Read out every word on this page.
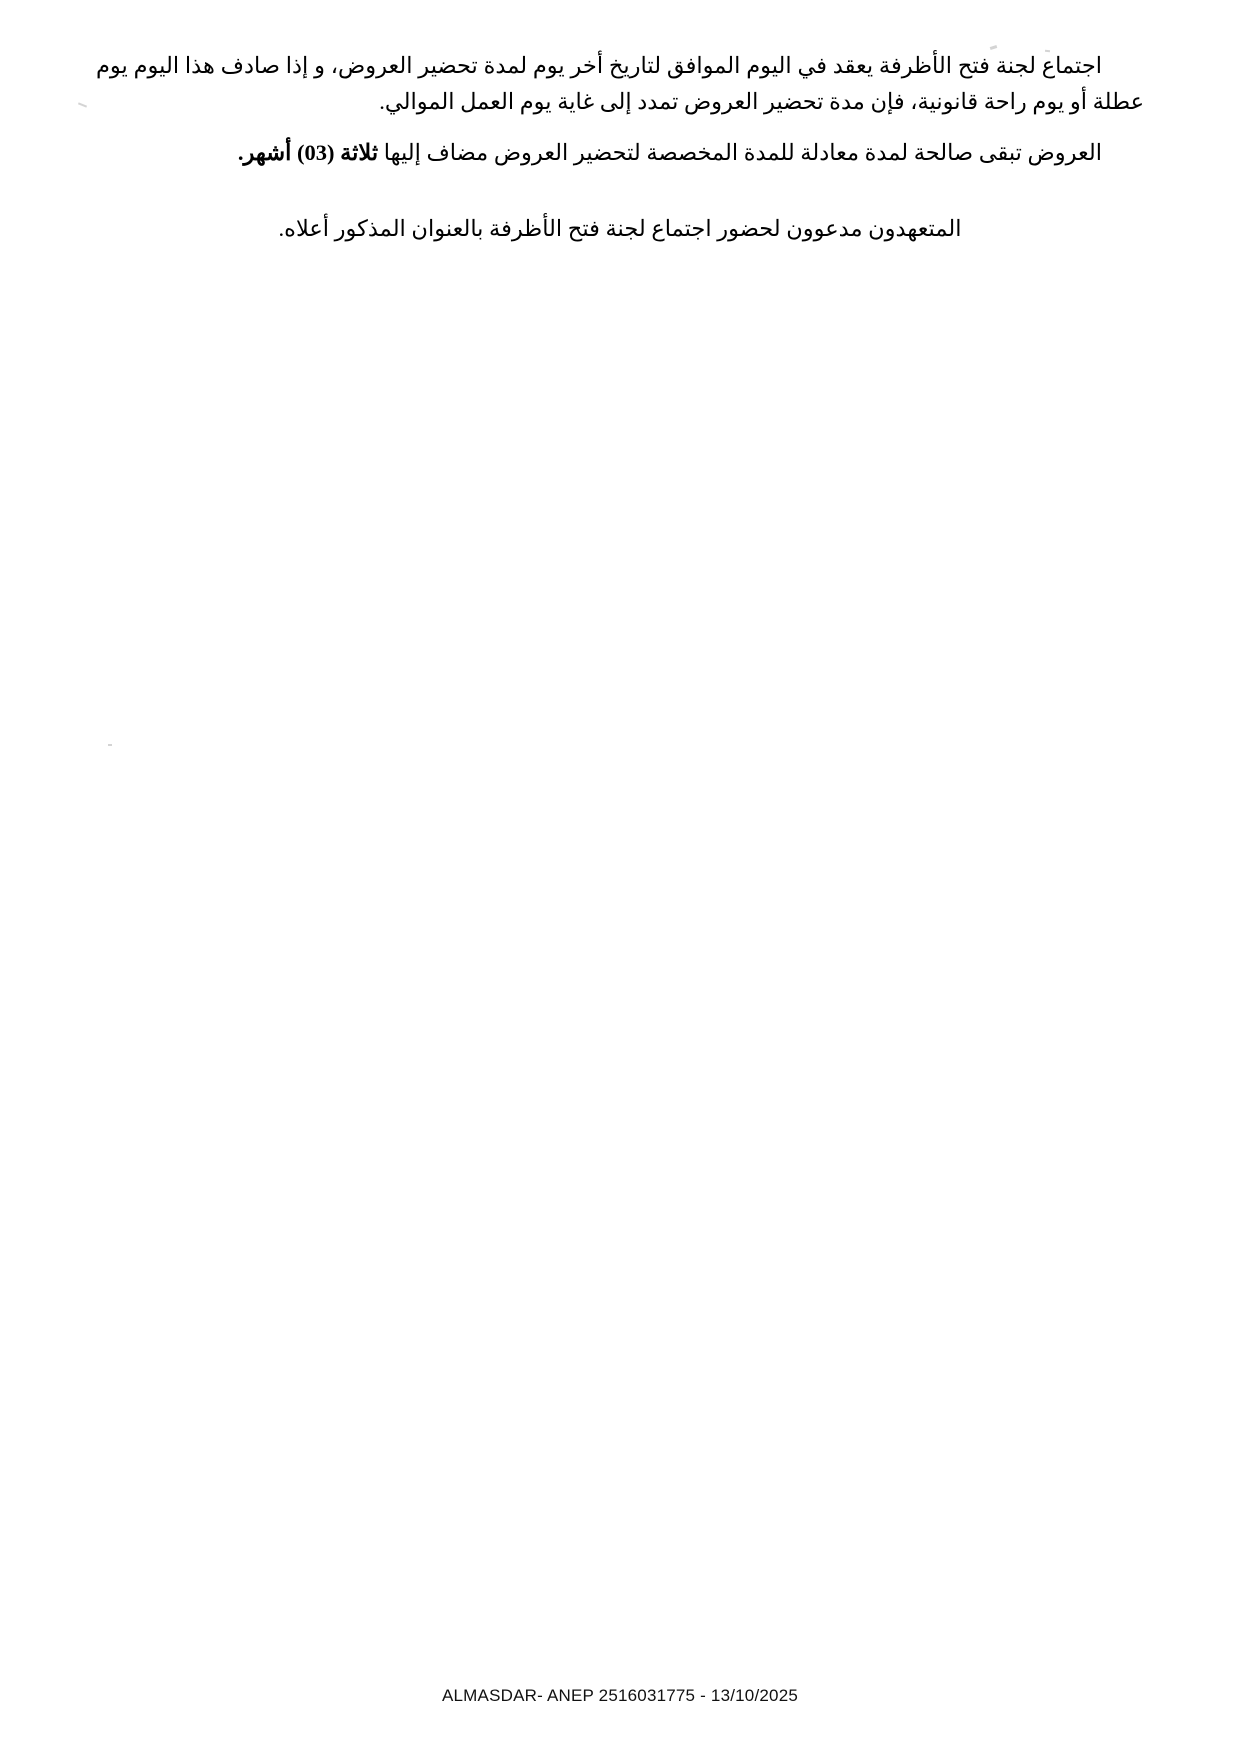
اجتماع لجنة فتح الأظرفة يعقد في اليوم الموافق لتاريخ أخر يوم لمدة تحضير العروض، و إذا صادف هذا اليوم يوم عطلة أو يوم راحة قانونية، فإن مدة تحضير العروض تمدد إلى غاية يوم العمل الموالي.

العروض تبقى صالحة لمدة معادلة للمدة المخصصة لتحضير العروض مضاف إليها ثلاثة (03) أشهر.

المتعهدون مدعوون لحضور اجتماع لجنة فتح الأظرفة بالعنوان المذكور أعلاه.

ALMASDAR- ANEP 2516031775 - 13/10/2025
